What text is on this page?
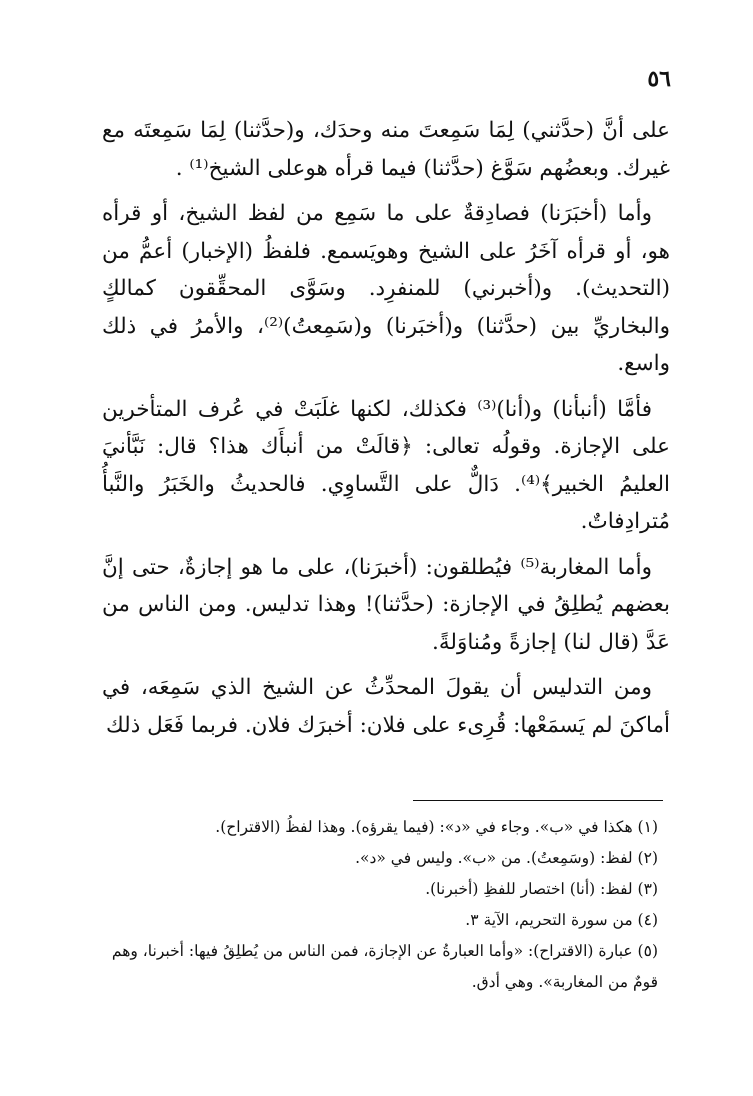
٥٦

على أنَّ (حدَّثني) لِمَا سَمِعتَ منه وحدَك، و(حدَّثنا) لِمَا سَمِعتَه مع غيرك. وبعضُهم سَوَّغ (حدَّثنا) فيما قرأه هوعلى الشيخ⁽¹⁾ .

وأما (أخبَرَنا) فصادِقةٌ على ما سَمِع من لفظ الشيخ، أو قرأه هو، أو قرأه آخَرُ على الشيخ وهويَسمع. فلفظُ (الإخبار) أعمُّ من (التحديث). و(أخبرني) للمنفرِد. وسَوَّى المحقِّقون كمالكٍ والبخاريِّ بين (حدَّثنا) و(أخبَرنا) و(سَمِعتُ)⁽²⁾، والأمرُ في ذلك واسع.

فأمَّا (أنبأنا) و(أنا)⁽³⁾ فكذلك، لكنها غلَبَتْ في عُرف المتأخرين على الإجازة. وقولُه تعالى: ﴿قالَتْ من أنبأَك هذا؟ قال: نَبَّأنيَ العليمُ الخبير﴾⁽⁴⁾. دَالٌّ على التَّساوِي. فالحديثُ والخَبَرُ والنَّبأُ مُترادِفاتٌ.

وأما المغاربة⁽⁵⁾ فيُطلقون: (أخبرَنا)، على ما هو إجازةٌ، حتى إنَّ بعضهم يُطلِقُ في الإجازة: (حدَّثنا)! وهذا تدليس. ومن الناس من عَدَّ (قال لنا) إجازةً ومُناوَلةً.

ومن التدليس أن يقولَ المحدِّثُ عن الشيخ الذي سَمِعَه، في أماكنَ لم يَسمَعْها: قُرِىء على فلان: أخبرَك فلان. فربما فَعَل ذلك

(١) هكذا في «ب». وجاء في «د»: (فيما يقرؤه). وهذا لفظُ (الاقتراح).

(٢) لفظ: (وسَمِعتُ). من «ب». وليس في «د».

(٣) لفظ: (أنا) اختصار للفظِ (أخبرنا).

(٤) من سورة التحريم، الآية ٣.

(٥) عبارة (الاقتراح): «وأما العبارةُ عن الإجازة، فمن الناس من يُطلِقُ فيها: أخبرنا، وهم قومٌ من المغاربة». وهي أدق.
